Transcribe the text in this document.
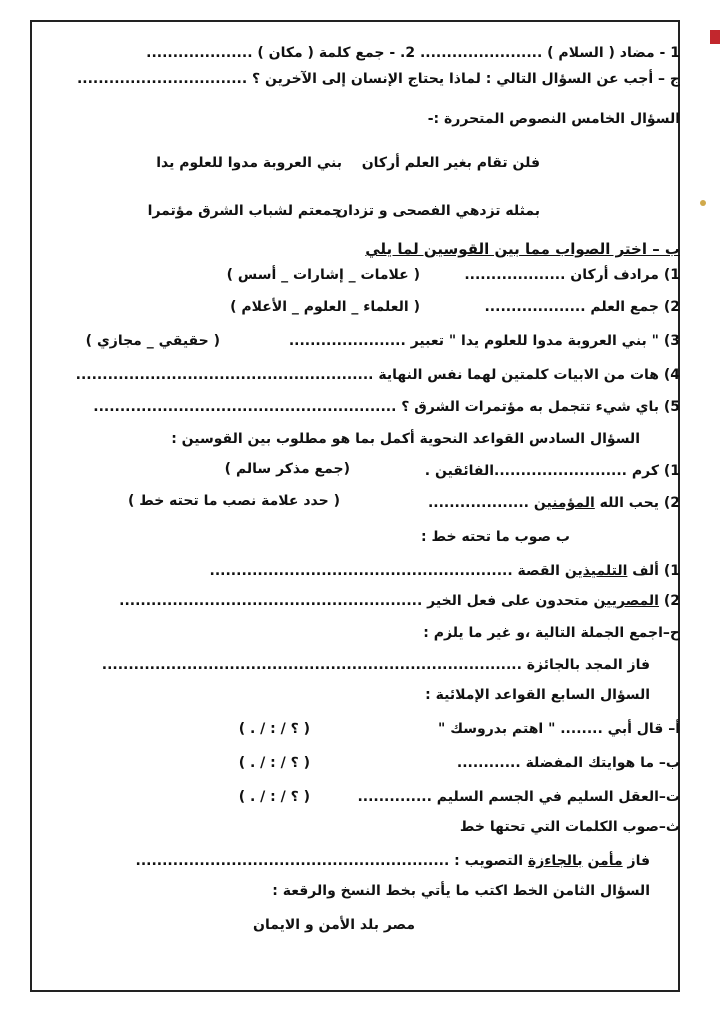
1 - مضاد ( السلام ) ....................... 2. - جمع كلمة ( مكان ) ....................
ج – أجب عن السؤال التالي : لماذا يحتاج الإنسان إلى الآخرين ؟ ................................
السؤال الخامس النصوص المتحررة :-
بني العروبة مدوا للعلوم يدا فلن تقام بغير العلم أركان
جمعتم لشباب الشرق مؤتمرا
بمثله تزدهي الفصحى و تزدان
ب – اختر الصواب مما بين القوسين لما يلي
1) مرادف أركان ...................
( علامات _ إشارات _ أسس )
2) جمع العلم ...................
( العلماء _ العلوم _ الأعلام )
3) " بني العروبة مدوا للعلوم يدا " تعبير ......................
( حقيقي _ مجازي )
4) هات من الابيات كلمتين لهما نفس النهاية ........................................................
5) باي شيء تتجمل به مؤتمرات الشرق ؟ .........................................................
السؤال السادس القواعد النحوية أكمل بما هو مطلوب بين القوسين :
1) كرم .........................الفائقين .
(جمع مذكر سالم )
2) يحب الله المؤمنين ...................
( حدد علامة نصب ما تحته خط )
ب صوب ما تحته خط :
1) ألف التلميذين القصة .........................................................
2) المصريين متحدون على فعل الخير .........................................................
ح–اجمع الجملة التالية ،و غير ما يلزم :
فاز المجد بالجائزة ...............................................................................
السؤال السابع القواعد الإملائية :
أ– قال أبي ........ " اهتم بدروسك "
( ؟ / : / . )
ب– ما هوايتك المفضلة ............
( ؟ / : / . )
ت–العقل السليم في الجسم السليم ..............
( ؟ / : / . )
ث–صوب الكلمات التي تحتها خط
فاز مأمن بالجاءزة التصويب : ...........................................................
السؤال الثامن الخط اكتب ما يأتي بخط النسخ والرقعة :
مصر بلد الأمن و الايمان
